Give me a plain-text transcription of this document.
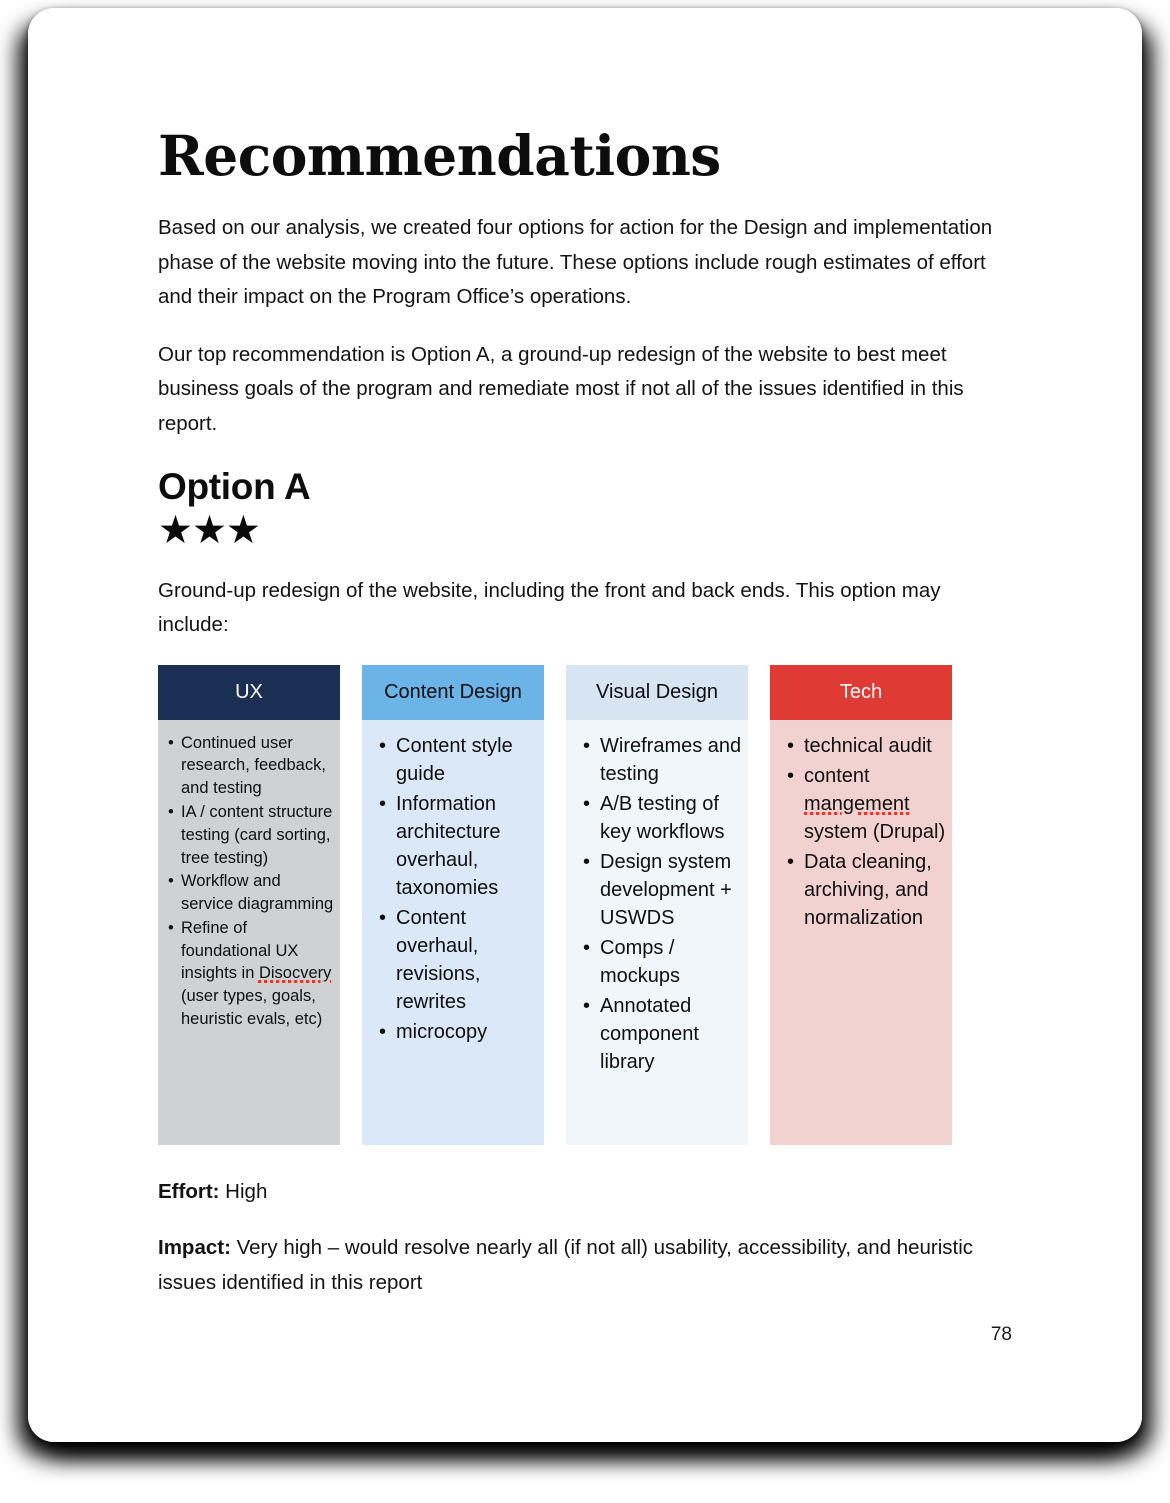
Recommendations

Based on our analysis, we created four options for action for the Design and implementation phase of the website moving into the future. These options include rough estimates of effort and their impact on the Program Office’s operations.

Our top recommendation is Option A, a ground-up redesign of the website to best meet business goals of the program and remediate most if not all of the issues identified in this report.

Option A
★★★

Ground-up redesign of the website, including the front and back ends. This option may include:

UX
• Continued user research, feedback, and testing
• IA / content structure testing (card sorting, tree testing)
• Workflow and service diagramming
• Refine of foundational UX insights in Disocvery (user types, goals, heuristic evals, etc)
Content Design
• Content style guide
• Information architecture overhaul, taxonomies
• Content overhaul, revisions, rewrites
• microcopy
Visual Design
• Wireframes and testing
• A/B testing of key workflows
• Design system development + USWDS
• Comps / mockups
• Annotated component library
Tech
• technical audit
• content mangement system (Drupal)
• Data cleaning, archiving, and normalization

Effort: High

Impact: Very high – would resolve nearly all (if not all) usability, accessibility, and heuristic issues identified in this report

78
